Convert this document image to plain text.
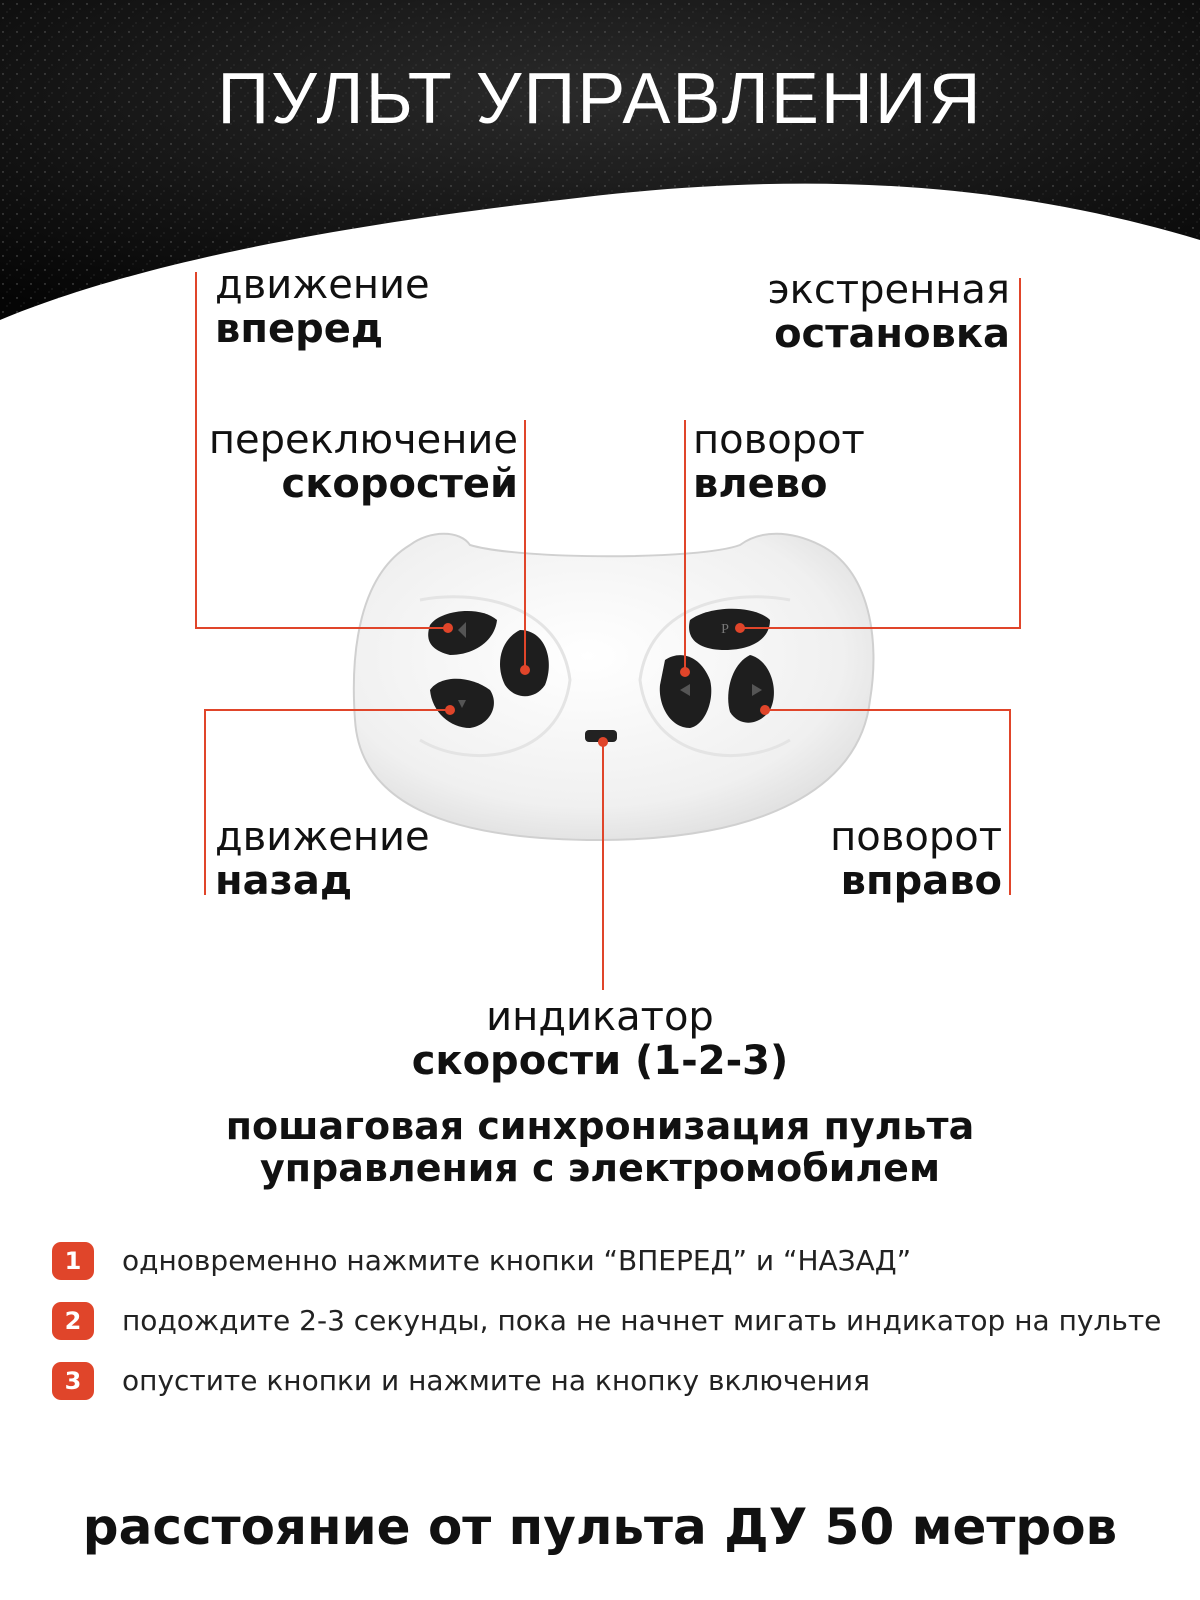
ПУЛЬТ УПРАВЛЕНИЯ
P
движение
вперед
экстренная
остановка
переключение
скоростей
поворот
влево
движение
назад
поворот
вправо
индикатор
скорости (1-2-3)
пошаговая синхронизация пульта
управления с электромобилем
1	одновременно нажмите кнопки “ВПЕРЕД” и “НАЗАД”
2	подождите 2-3 секунды, пока не начнет мигать индикатор на пульте
3	опустите кнопки и нажмите на кнопку включения
расстояние от пульта ДУ 50 метров
